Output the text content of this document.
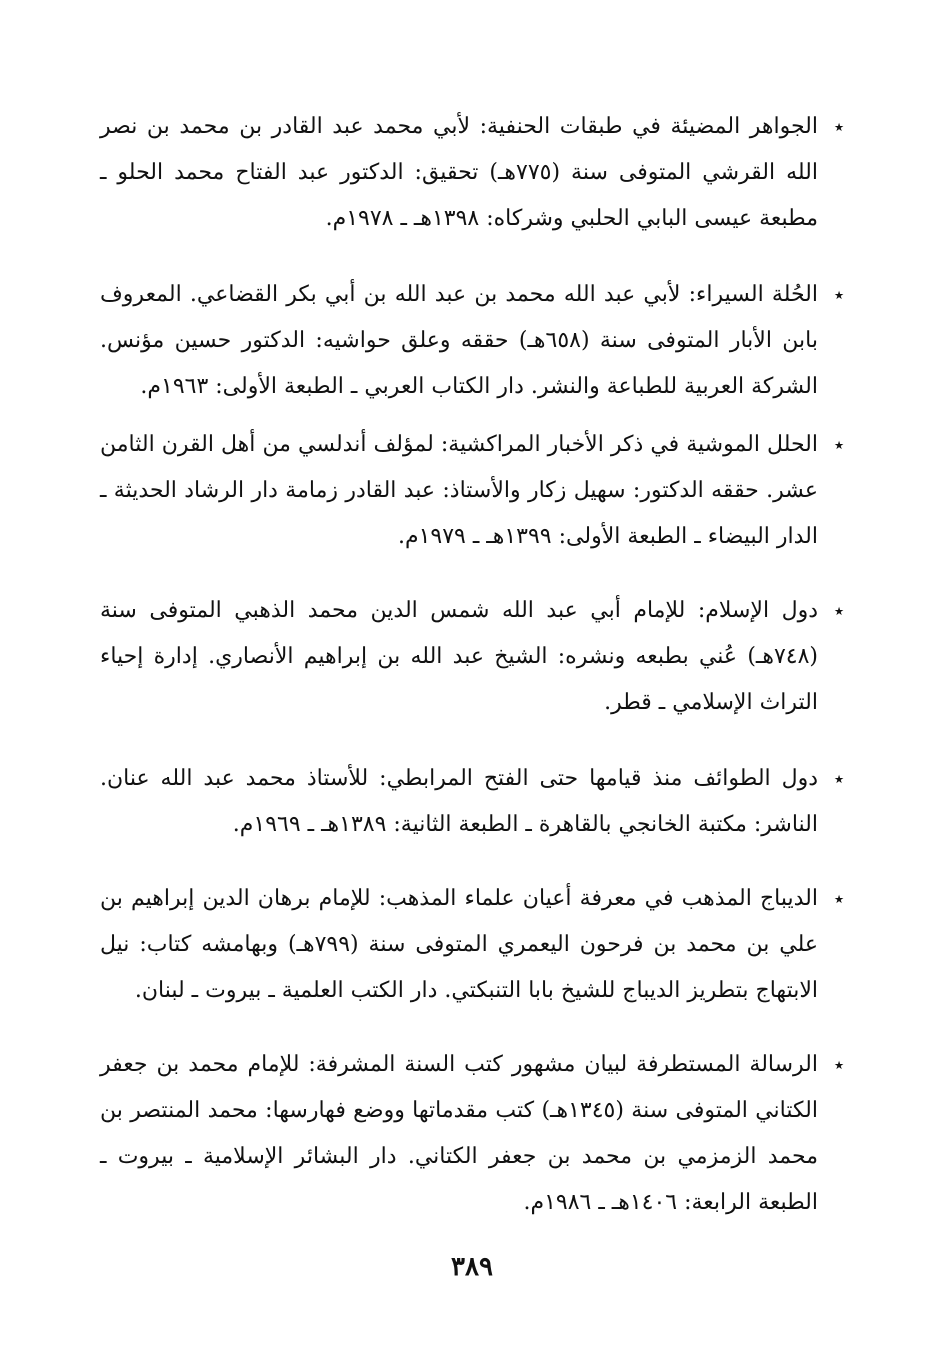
٭
الجواهر المضيئة في طبقات الحنفية: لأبي محمد عبد القادر بن محمد بن نصر الله القرشي المتوفى سنة (٧٧٥هـ) تحقيق: الدكتور عبد الفتاح محمد الحلو ـ مطبعة عيسى البابي الحلبي وشركاه: ١٣٩٨هـ ـ ١٩٧٨م.
٭
الحُلة السيراء: لأبي عبد الله محمد بن عبد الله بن أبي بكر القضاعي. المعروف بابن الأبار المتوفى سنة (٦٥٨هـ) حققه وعلق حواشيه: الدكتور حسين مؤنس. الشركة العربية للطباعة والنشر. دار الكتاب العربي ـ الطبعة الأولى: ١٩٦٣م.
٭
الحلل الموشية في ذكر الأخبار المراكشية: لمؤلف أندلسي من أهل القرن الثامن عشر. حققه الدكتور: سهيل زكار والأستاذ: عبد القادر زمامة دار الرشاد الحديثة ـ الدار البيضاء ـ الطبعة الأولى: ١٣٩٩هـ ـ ١٩٧٩م.
٭
دول الإسلام: للإمام أبي عبد الله شمس الدين محمد الذهبي المتوفى سنة (٧٤٨هـ) عُني بطبعه ونشره: الشيخ عبد الله بن إبراهيم الأنصاري. إدارة إحياء التراث الإسلامي ـ قطر.
٭
دول الطوائف منذ قيامها حتى الفتح المرابطي: للأستاذ محمد عبد الله عنان. الناشر: مكتبة الخانجي بالقاهرة ـ الطبعة الثانية: ١٣٨٩هـ ـ ١٩٦٩م.
٭
الديباج المذهب في معرفة أعيان علماء المذهب: للإمام برهان الدين إبراهيم بن علي بن محمد بن فرحون اليعمري المتوفى سنة (٧٩٩هـ) وبهامشه كتاب: نيل الابتهاج بتطريز الديباج للشيخ بابا التنبكتي. دار الكتب العلمية ـ بيروت ـ لبنان.
٭
الرسالة المستطرفة لبيان مشهور كتب السنة المشرفة: للإمام محمد بن جعفر الكتاني المتوفى سنة (١٣٤٥هـ) كتب مقدماتها ووضع فهارسها: محمد المنتصر بن محمد الزمزمي بن محمد بن جعفر الكتاني. دار البشائر الإسلامية ـ بيروت ـ الطبعة الرابعة: ١٤٠٦هـ ـ ١٩٨٦م.
٣٨٩
